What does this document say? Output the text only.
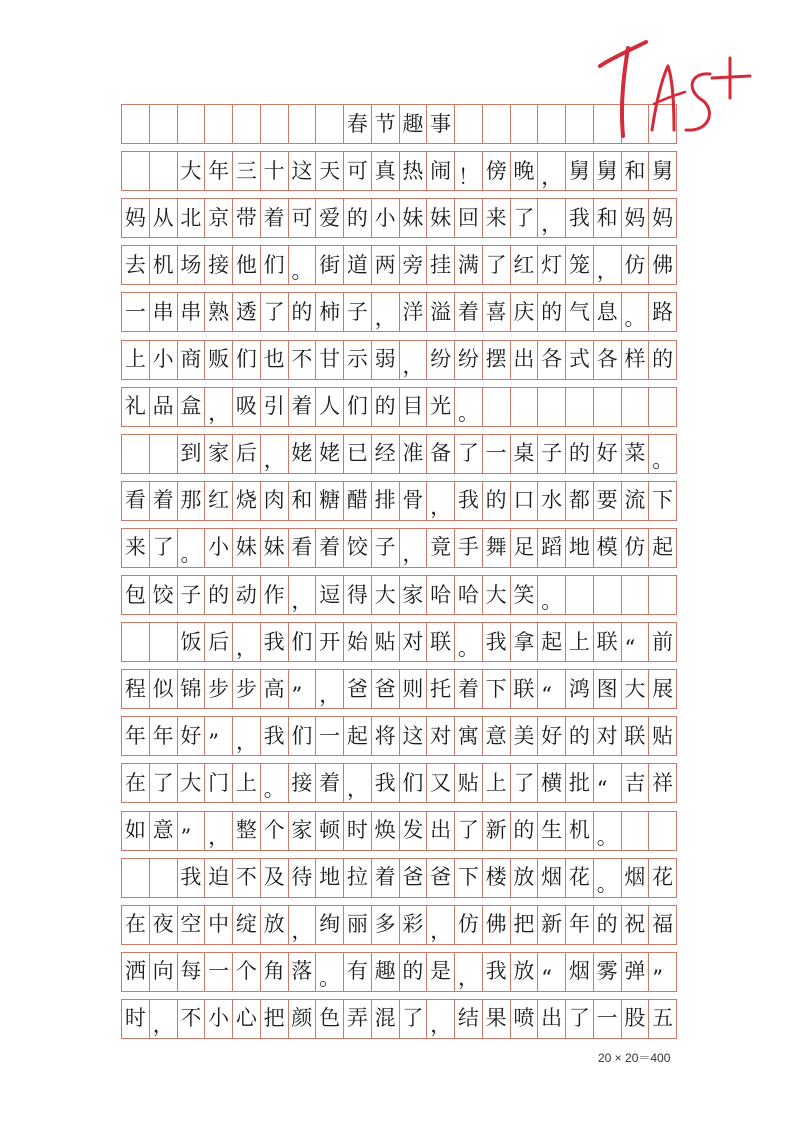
春 节 趣 事
大 年 三 十 这 天 可 真 热 闹 ！ 傍 晚 ， 舅 舅 和 舅
妈 从 北 京 带 着 可 爱 的 小 妹 妹 回 来 了 ， 我 和 妈 妈
去 机 场 接 他 们 。 街 道 两 旁 挂 满 了 红 灯 笼 ， 仿 佛
一 串 串 熟 透 了 的 柿 子 ， 洋 溢 着 喜 庆 的 气 息 。 路
上 小 商 贩 们 也 不 甘 示 弱 ， 纷 纷 摆 出 各 式 各 样 的
礼 品 盒 ， 吸 引 着 人 们 的 目 光 。
到 家 后 ， 姥 姥 已 经 准 备 了 一 桌 子 的 好 菜 。
看 着 那 红 烧 肉 和 糖 醋 排 骨 ， 我 的 口 水 都 要 流 下
来 了 。 小 妹 妹 看 着 饺 子 ， 竟 手 舞 足 蹈 地 模 仿 起
包 饺 子 的 动 作 ， 逗 得 大 家 哈 哈 大 笑 。
饭 后 ， 我 们 开 始 贴 对 联 。 我 拿 起 上 联 “ 前
程 似 锦 步 步 高 ” ， 爸 爸 则 托 着 下 联 “ 鸿 图 大 展
年 年 好 ” ， 我 们 一 起 将 这 对 寓 意 美 好 的 对 联 贴
在 了 大 门 上 。 接 着 ， 我 们 又 贴 上 了 横 批 “ 吉 祥
如 意 ” ， 整 个 家 顿 时 焕 发 出 了 新 的 生 机 。
我 迫 不 及 待 地 拉 着 爸 爸 下 楼 放 烟 花 。 烟 花
在 夜 空 中 绽 放 ， 绚 丽 多 彩 ， 仿 佛 把 新 年 的 祝 福
洒 向 每 一 个 角 落 。 有 趣 的 是 ， 我 放 “ 烟 雾 弹 ”
时 ， 不 小 心 把 颜 色 弄 混 了 ， 结 果 喷 出 了 一 股 五
20 × 20＝400
